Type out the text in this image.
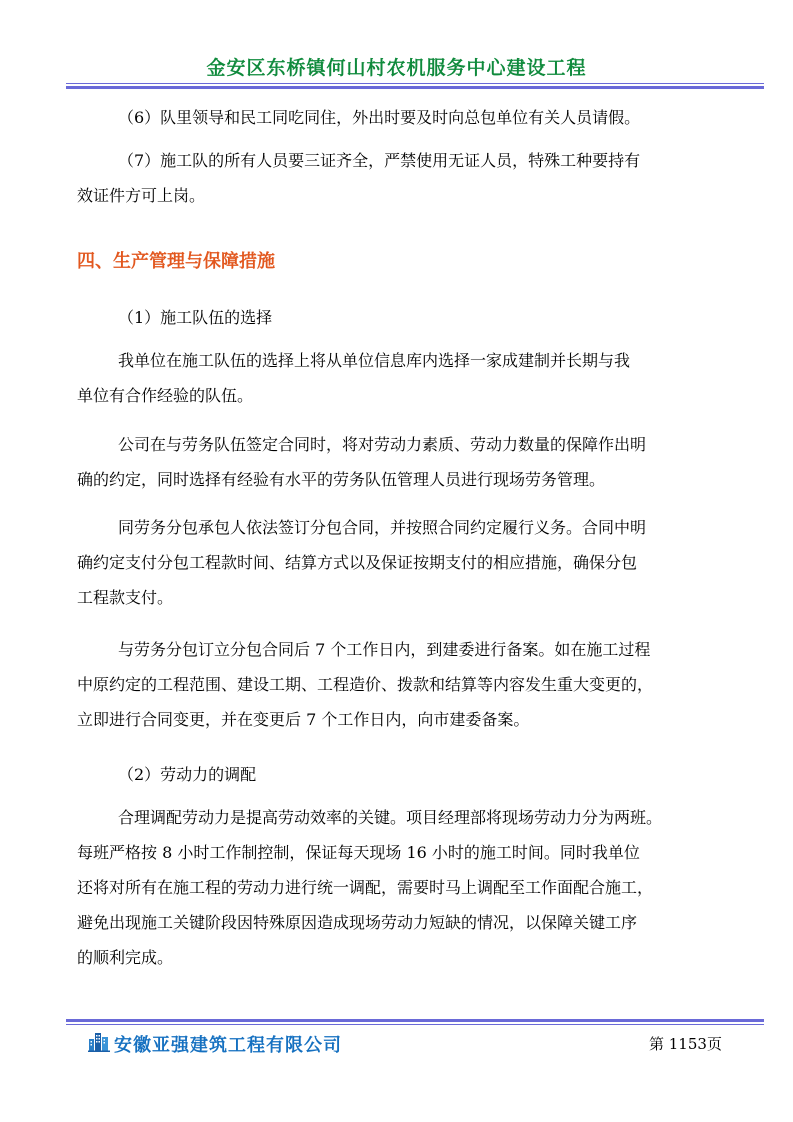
金安区东桥镇何山村农机服务中心建设工程
（6）队里领导和民工同吃同住，外出时要及时向总包单位有关人员请假。
（7）施工队的所有人员要三证齐全，严禁使用无证人员，特殊工种要持有
效证件方可上岗。
四、生产管理与保障措施
（1）施工队伍的选择
我单位在施工队伍的选择上将从单位信息库内选择一家成建制并长期与我
单位有合作经验的队伍。
公司在与劳务队伍签定合同时，将对劳动力素质、劳动力数量的保障作出明
确的约定，同时选择有经验有水平的劳务队伍管理人员进行现场劳务管理。
同劳务分包承包人依法签订分包合同，并按照合同约定履行义务。合同中明
确约定支付分包工程款时间、结算方式以及保证按期支付的相应措施，确保分包
工程款支付。
与劳务分包订立分包合同后 7 个工作日内，到建委进行备案。如在施工过程
中原约定的工程范围、建设工期、工程造价、拨款和结算等内容发生重大变更的，
立即进行合同变更，并在变更后 7 个工作日内，向市建委备案。
（2）劳动力的调配
合理调配劳动力是提高劳动效率的关键。项目经理部将现场劳动力分为两班。
每班严格按 8 小时工作制控制，保证每天现场 16 小时的施工时间。同时我单位
还将对所有在施工程的劳动力进行统一调配，需要时马上调配至工作面配合施工，
避免出现施工关键阶段因特殊原因造成现场劳动力短缺的情况，以保障关键工序
的顺利完成。
安徽亚强建筑工程有限公司	第 1153页
